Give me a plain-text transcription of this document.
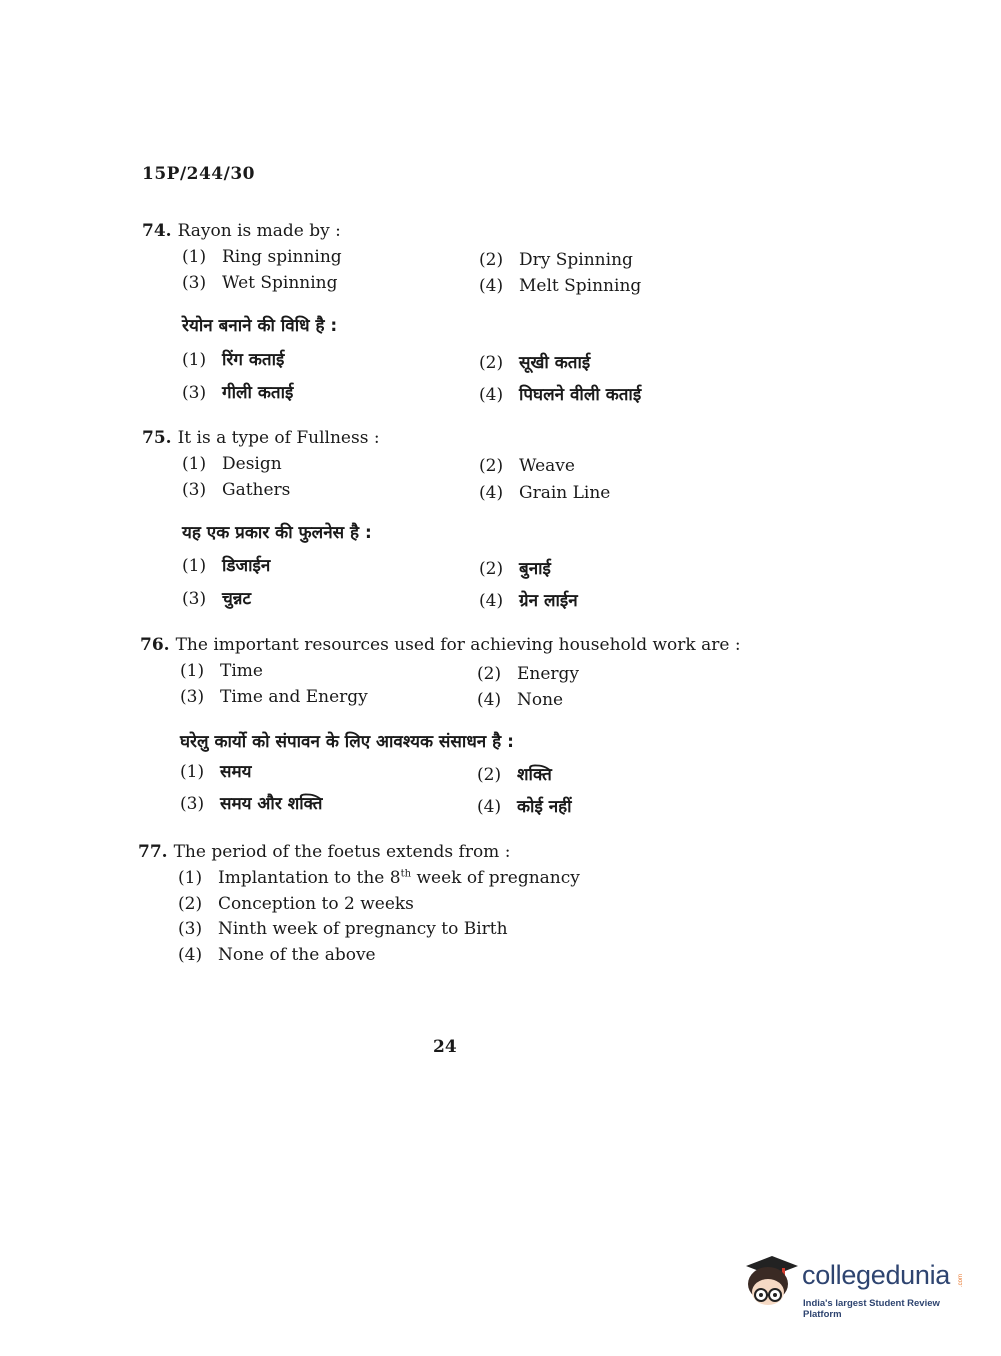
15P/244/30
74. Rayon is made by :
(1) Ring spinning	(2) Dry Spinning
(3) Wet Spinning	(4) Melt Spinning
रेयोन बनाने की विधि है :
(1) रिंग कताई	(2) सूखी कताई
(3) गीली कताई	(4) पिघलने वीली कताई
75. It is a type of Fullness :
(1) Design	(2) Weave
(3) Gathers	(4) Grain Line
यह एक प्रकार की फुलनेस है :
(1) डिजाईन	(2) बुनाई
(3) चुन्नट	(4) ग्रेन लाईन
76. The important resources used for achieving household work are :
(1) Time	(2) Energy
(3) Time and Energy	(4) None
घरेलु कार्यो को संपावन के लिए आवश्यक संसाधन है :
(1) समय	(2) शक्ति
(3) समय और शक्ति	(4) कोई नहीं
77. The period of the foetus extends from :
(1) Implantation to the 8th week of pregnancy
(2) Conception to 2 weeks
(3) Ninth week of pregnancy to Birth
(4) None of the above
24
collegedunia .com
India's largest Student Review Platform
